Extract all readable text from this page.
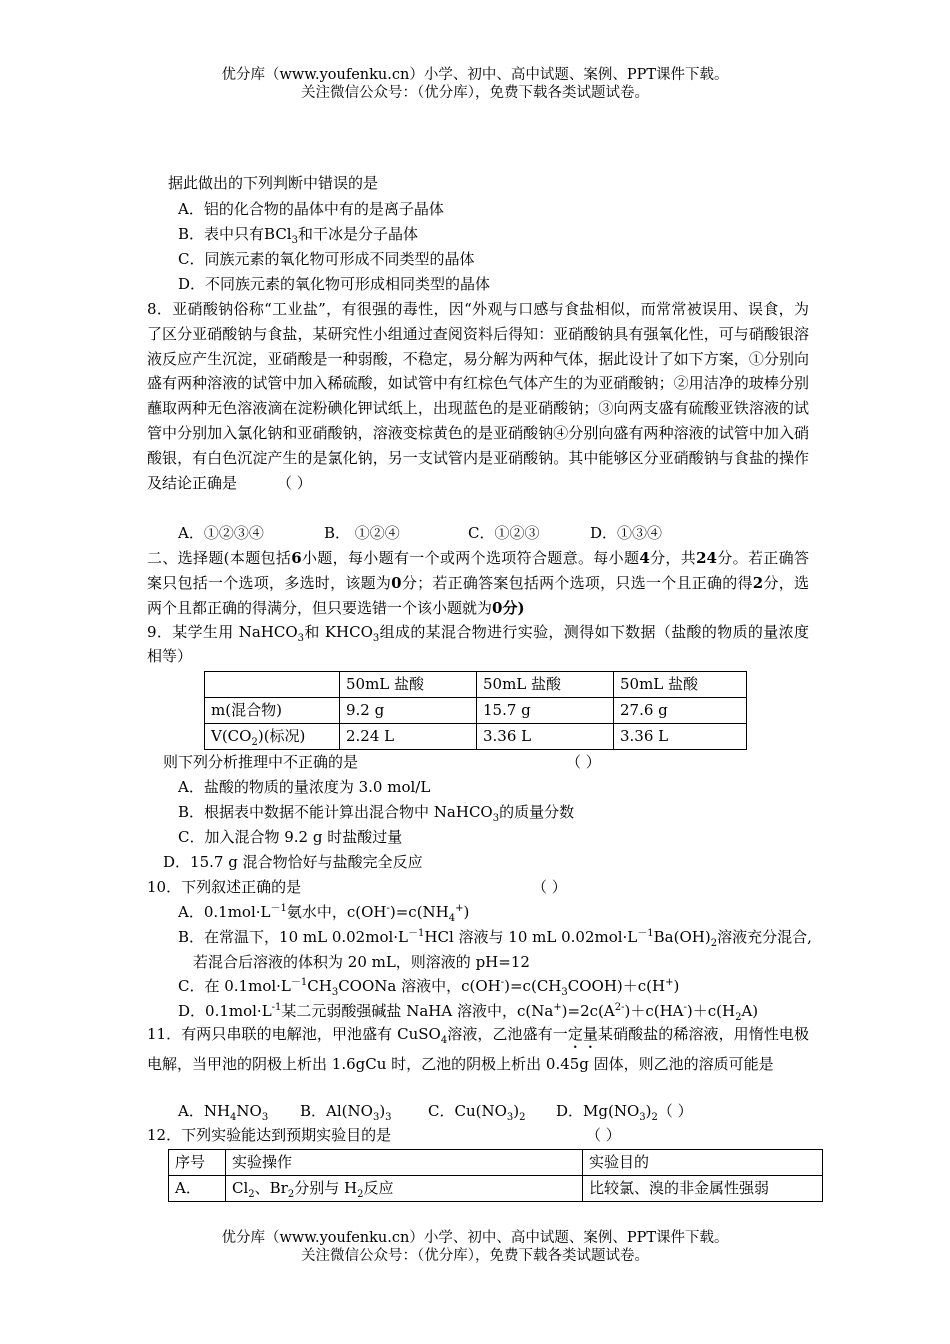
优分库（www.youfenku.cn）小学、初中、高中试题、案例、PPT课件下载。
关注微信公众号：（优分库），免费下载各类试题试卷。
据此做出的下列判断中错误的是
A．铝的化合物的晶体中有的是离子晶体
B．表中只有BCl$_3$和干冰是分子晶体
C．同族元素的氧化物可形成不同类型的晶体
D．不同族元素的氧化物可形成相同类型的晶体
8．亚硝酸钠俗称“工业盐”，有很强的毒性，因“外观与口感与食盐相似，而常常被误用、误食，为了区分亚硝酸钠与食盐，某研究性小组通过查阅资料后得知：亚硝酸钠具有强氧化性，可与硝酸银溶液反应产生沉淀，亚硝酸是一种弱酸，不稳定，易分解为两种气体，据此设计了如下方案，①分别向盛有两种溶液的试管中加入稀硫酸，如试管中有红棕色气体产生的为亚硝酸钠；②用洁净的玻棒分别蘸取两种无色溶液滴在淀粉碘化钾试纸上，出现蓝色的是亚硝酸钠；③向两支盛有硫酸亚铁溶液的试管中分别加入氯化钠和亚硝酸钠，溶液变棕黄色的是亚硝酸钠④分别向盛有两种溶液的试管中加入硝酸银，有白色沉淀产生的是氯化钠，另一支试管内是亚硝酸钠。其中能够区分亚硝酸钠与食盐的操作及结论正确是	（ ）
A．①②③④	B． ①②④	C．①②③	D．①③④
二、选择题(本题包括6小题，每小题有一个或两个选项符合题意。每小题4分，共24分。若正确答案只包括一个选项，多选时，该题为0分；若正确答案包括两个选项，只选一个且正确的得2分，选两个且都正确的得满分，但只要选错一个该小题就为0分)
9．某学生用 NaHCO$_3$和 $KHCO_3$组成的某混合物进行实验，测得如下数据（盐酸的物质的量浓度相等）
	50mL 盐酸	50mL 盐酸	50mL 盐酸
m(混合物)	9.2 g	15.7 g	27.6 g
$V(CO_2)$(标况)	2.24 L	3.36 L	3.36 L
则下列分析推理中不正确的是	（ ）
A．盐酸的物质的量浓度为 3.0 mol/L
B．根据表中数据不能计算出混合物中 NaHCO$_3$的质量分数
C．加入混合物 9.2 g 时盐酸过量
D．15.7 g 混合物恰好与盐酸完全反应
10．下列叙述正确的是	（ ）
A．$0.1mol\cdot L^{-1}$氨水中，$c(OH^-)=c(NH_4^+)$
B．在常温下，10 mL $0.02mol\cdot L^{-1}HCl$ 溶液与 10 mL $0.02mol\cdot L^{-1}Ba(OH)_2$溶液充分混合,
若混合后溶液的体积为 20 mL，则溶液的 pH=12
C．在 $0.1mol\cdot L^{-1}CH_3COONa$ 溶液中，$c(OH^-)=c(CH_3COOH)+c(H^+)$
D．$0.1mol\cdot L^{-1}$某二元弱酸强碱盐 NaHA 溶液中，$c(Na^+)=2c(A^{2-})+c(HA^-)+c(H_2A)$
11．有两只串联的电解池，甲池盛有 CuSO$_4$溶液，乙池盛有一定量某硝酸盐的稀溶液，用惰性电极电解，当甲池的阴极上析出 1.6gCu 时，乙池的阴极上析出 0.45g 固体，则乙池的溶质可能是
A．$NH_4NO_3$ B．$Al(NO_3)_3$ C．$Cu(NO_3)_2$ D．$Mg(NO_3)_2$（ ）
12．下列实验能达到预期实验目的是	（ ）
序号	实验操作	实验目的
A．	$Cl_2$、$Br_2$分别与 $H_2$反应	比较氯、溴的非金属性强弱
优分库（www.youfenku.cn）小学、初中、高中试题、案例、PPT课件下载。
关注微信公众号：（优分库），免费下载各类试题试卷。
